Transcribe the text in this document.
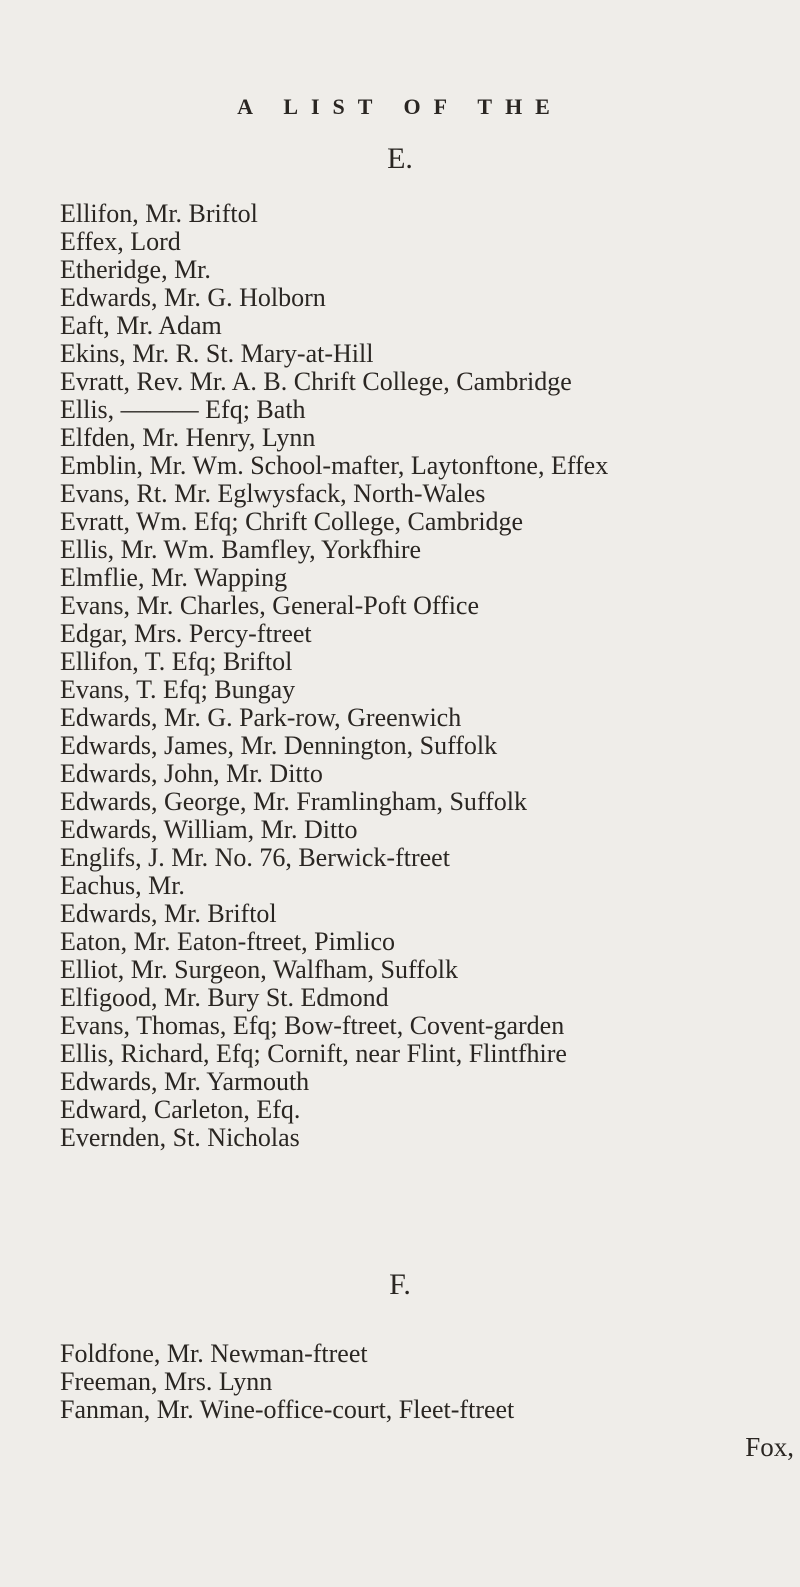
A LIST OF THE
E.
Ellifon, Mr. Briftol
Effex, Lord
Etheridge, Mr.
Edwards, Mr. G. Holborn
Eaft, Mr. Adam
Ekins, Mr. R. St. Mary-at-Hill
Evratt, Rev. Mr. A. B. Chrift College, Cambridge
Ellis, ——— Efq; Bath
Elfden, Mr. Henry, Lynn
Emblin, Mr. Wm. School-mafter, Laytonftone, Effex
Evans, Rt. Mr. Eglwysfack, North-Wales
Evratt, Wm. Efq; Chrift College, Cambridge
Ellis, Mr. Wm. Bamfley, Yorkfhire
Elmflie, Mr. Wapping
Evans, Mr. Charles, General-Poft Office
Edgar, Mrs. Percy-ftreet
Ellifon, T. Efq; Briftol
Evans, T. Efq; Bungay
Edwards, Mr. G. Park-row, Greenwich
Edwards, James, Mr. Dennington, Suffolk
Edwards, John, Mr. Ditto
Edwards, George, Mr. Framlingham, Suffolk
Edwards, William, Mr. Ditto
Englifs, J. Mr. No. 76, Berwick-ftreet
Eachus, Mr.
Edwards, Mr. Briftol
Eaton, Mr. Eaton-ftreet, Pimlico
Elliot, Mr. Surgeon, Walfham, Suffolk
Elfigood, Mr. Bury St. Edmond
Evans, Thomas, Efq; Bow-ftreet, Covent-garden
Ellis, Richard, Efq; Cornift, near Flint, Flintfhire
Edwards, Mr. Yarmouth
Edward, Carleton, Efq.
Evernden, St. Nicholas
F.
Foldfone, Mr. Newman-ftreet
Freeman, Mrs. Lynn
Fanman, Mr. Wine-office-court, Fleet-ftreet
Fox,
